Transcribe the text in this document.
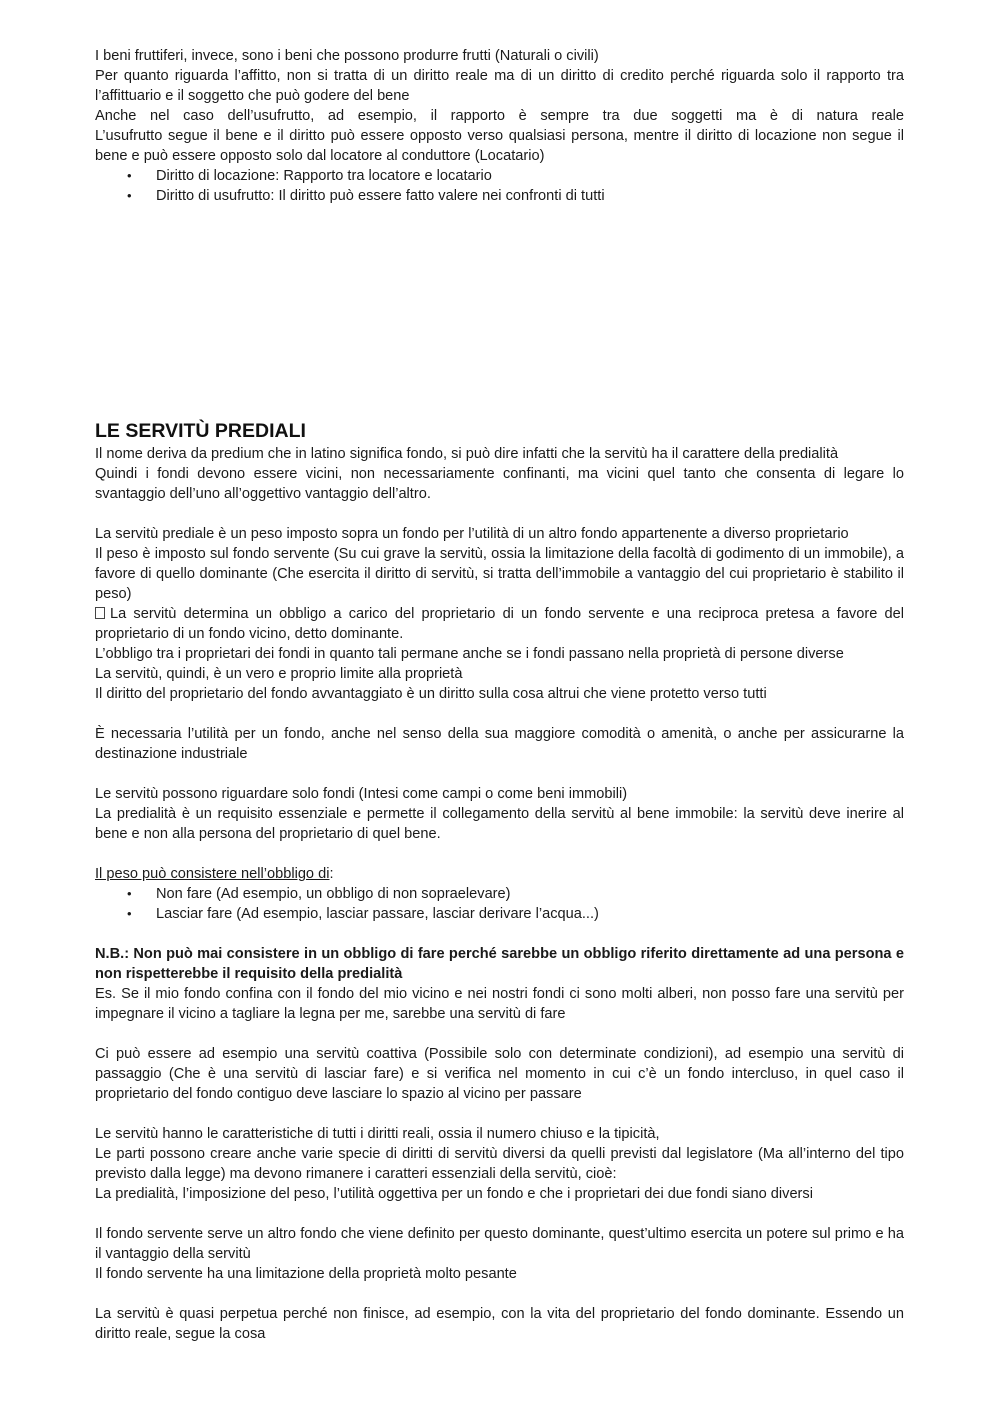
I beni fruttiferi, invece, sono i beni che possono produrre frutti (Naturali o civili)

Per quanto riguarda l’affitto, non si tratta di un diritto reale ma di un diritto di credito perché riguarda solo il rapporto tra l’affittuario e il soggetto che può godere del bene

Anche nel caso dell’usufrutto, ad esempio, il rapporto è sempre tra due soggetti ma è di natura reale

L’usufrutto segue il bene e il diritto può essere opposto verso qualsiasi persona, mentre il diritto di locazione non segue il bene e può essere opposto solo dal locatore al conduttore (Locatario)

• Diritto di locazione: Rapporto tra locatore e locatario
• Diritto di usufrutto: Il diritto può essere fatto valere nei confronti di tutti
LE SERVITÙ PREDIALI

Il nome deriva da predium che in latino significa fondo, si può dire infatti che la servitù ha il carattere della predialità

Quindi i fondi devono essere vicini, non necessariamente confinanti, ma vicini quel tanto che consenta di legare lo svantaggio dell’uno all’oggettivo vantaggio dell’altro.

La servitù prediale è un peso imposto sopra un fondo per l’utilità di un altro fondo appartenente a diverso proprietario

Il peso è imposto sul fondo servente (Su cui grave la servitù, ossia la limitazione della facoltà di godimento di un immobile), a favore di quello dominante (Che esercita il diritto di servitù, si tratta dell’immobile a vantaggio del cui proprietario è stabilito il peso)

La servitù determina un obbligo a carico del proprietario di un fondo servente e una reciproca pretesa a favore del proprietario di un fondo vicino, detto dominante.

L’obbligo tra i proprietari dei fondi in quanto tali permane anche se i fondi passano nella proprietà di persone diverse

La servitù, quindi, è un vero e proprio limite alla proprietà

Il diritto del proprietario del fondo avvantaggiato è un diritto sulla cosa altrui che viene protetto verso tutti

È necessaria l’utilità per un fondo, anche nel senso della sua maggiore comodità o amenità, o anche per assicurarne la destinazione industriale

Le servitù possono riguardare solo fondi (Intesi come campi o come beni immobili)

La predialità è un requisito essenziale e permette il collegamento della servitù al bene immobile: la servitù deve inerire al bene e non alla persona del proprietario di quel bene.

Il peso può consistere nell’obbligo di:

• Non fare (Ad esempio, un obbligo di non sopraelevare)
• Lasciar fare (Ad esempio, lasciar passare, lasciar derivare l’acqua...)

N.B.: Non può mai consistere in un obbligo di fare perché sarebbe un obbligo riferito direttamente ad una persona e non rispetterebbe il requisito della predialità

Es. Se il mio fondo confina con il fondo del mio vicino e nei nostri fondi ci sono molti alberi, non posso fare una servitù per impegnare il vicino a tagliare la legna per me, sarebbe una servitù di fare

Ci può essere ad esempio una servitù coattiva (Possibile solo con determinate condizioni), ad esempio una servitù di passaggio (Che è una servitù di lasciar fare) e si verifica nel momento in cui c’è un fondo intercluso, in quel caso il proprietario del fondo contiguo deve lasciare lo spazio al vicino per passare

Le servitù hanno le caratteristiche di tutti i diritti reali, ossia il numero chiuso e la tipicità,

Le parti possono creare anche varie specie di diritti di servitù diversi da quelli previsti dal legislatore (Ma all’interno del tipo previsto dalla legge) ma devono rimanere i caratteri essenziali della servitù, cioè:

La predialità, l’imposizione del peso, l’utilità oggettiva per un fondo e che i proprietari dei due fondi siano diversi

Il fondo servente serve un altro fondo che viene definito per questo dominante, quest’ultimo esercita un potere sul primo e ha il vantaggio della servitù

Il fondo servente ha una limitazione della proprietà molto pesante

La servitù è quasi perpetua perché non finisce, ad esempio, con la vita del proprietario del fondo dominante. Essendo un diritto reale, segue la cosa
